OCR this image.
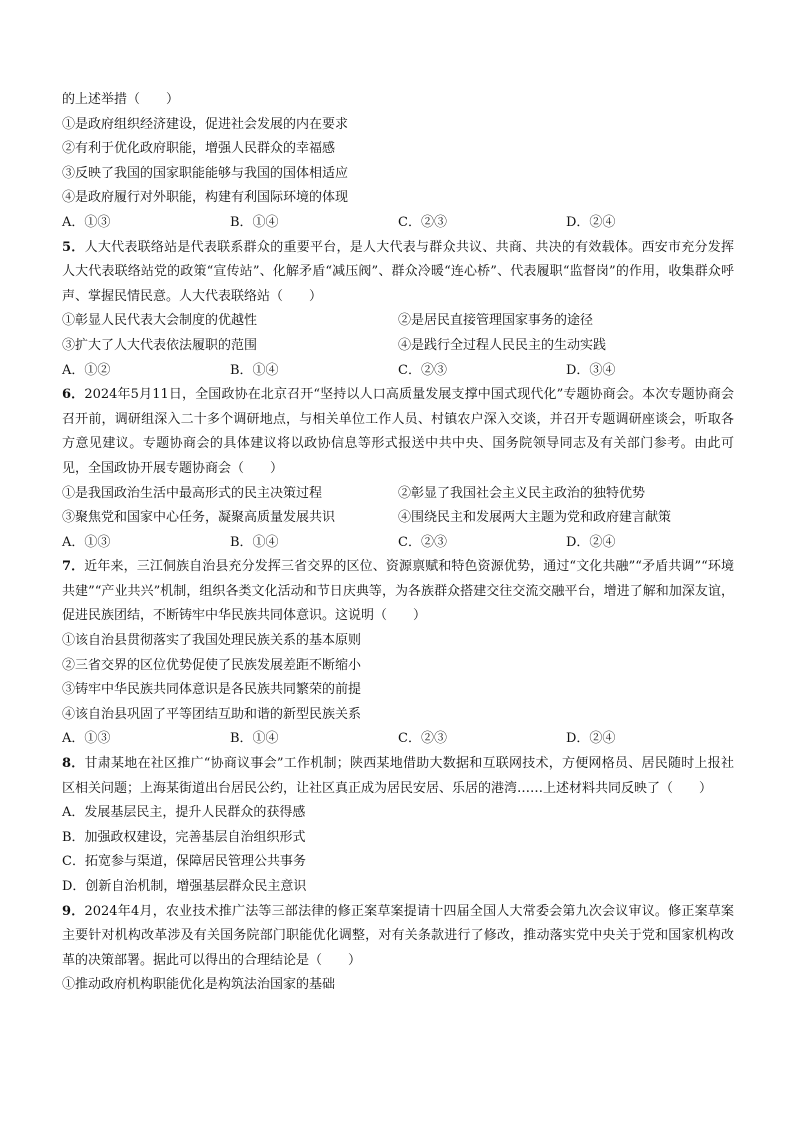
的上述举措（　　）
①是政府组织经济建设，促进社会发展的内在要求
②有利于优化政府职能，增强人民群众的幸福感
③反映了我国的国家职能能够与我国的国体相适应
④是政府履行对外职能，构建有利国际环境的体现
A．①③	B．①④	C．②③	D．②④
5．人大代表联络站是代表联系群众的重要平台，是人大代表与群众共议、共商、共决的有效载体。西安市充分发挥人大代表联络站党的政策“宣传站”、化解矛盾“减压阀”、群众冷暖“连心桥”、代表履职“监督岗”的作用，收集群众呼声、掌握民情民意。人大代表联络站（　　）
①彰显人民代表大会制度的优越性	②是居民直接管理国家事务的途径
③扩大了人大代表依法履职的范围	④是践行全过程人民民主的生动实践
A．①②	B．①④	C．②③	D．③④
6．2024年5月11日，全国政协在北京召开“坚持以人口高质量发展支撑中国式现代化”专题协商会。本次专题协商会召开前，调研组深入二十多个调研地点，与相关单位工作人员、村镇农户深入交谈，并召开专题调研座谈会，听取各方意见建议。专题协商会的具体建议将以政协信息等形式报送中共中央、国务院领导同志及有关部门参考。由此可见，全国政协开展专题协商会（　　）
①是我国政治生活中最高形式的民主决策过程	②彰显了我国社会主义民主政治的独特优势
③聚焦党和国家中心任务，凝聚高质量发展共识	④围绕民主和发展两大主题为党和政府建言献策
A．①③	B．①④	C．②③	D．②④
7．近年来，三江侗族自治县充分发挥三省交界的区位、资源禀赋和特色资源优势，通过“文化共融”“矛盾共调”“环境共建”“产业共兴”机制，组织各类文化活动和节日庆典等，为各族群众搭建交往交流交融平台，增进了解和加深友谊，促进民族团结，不断铸牢中华民族共同体意识。这说明（　　）
①该自治县贯彻落实了我国处理民族关系的基本原则
②三省交界的区位优势促使了民族发展差距不断缩小
③铸牢中华民族共同体意识是各民族共同繁荣的前提
④该自治县巩固了平等团结互助和谐的新型民族关系
A．①③	B．①④	C．②③	D．②④
8．甘肃某地在社区推广“协商议事会”工作机制；陕西某地借助大数据和互联网技术，方便网格员、居民随时上报社区相关问题；上海某街道出台居民公约，让社区真正成为居民安居、乐居的港湾……上述材料共同反映了（　　）
A．发展基层民主，提升人民群众的获得感
B．加强政权建设，完善基层自治组织形式
C．拓宽参与渠道，保障居民管理公共事务
D．创新自治机制，增强基层群众民主意识
9．2024年4月，农业技术推广法等三部法律的修正案草案提请十四届全国人大常委会第九次会议审议。修正案草案主要针对机构改革涉及有关国务院部门职能优化调整，对有关条款进行了修改，推动落实党中央关于党和国家机构改革的决策部署。据此可以得出的合理结论是（　　）
①推动政府机构职能优化是构筑法治国家的基础
